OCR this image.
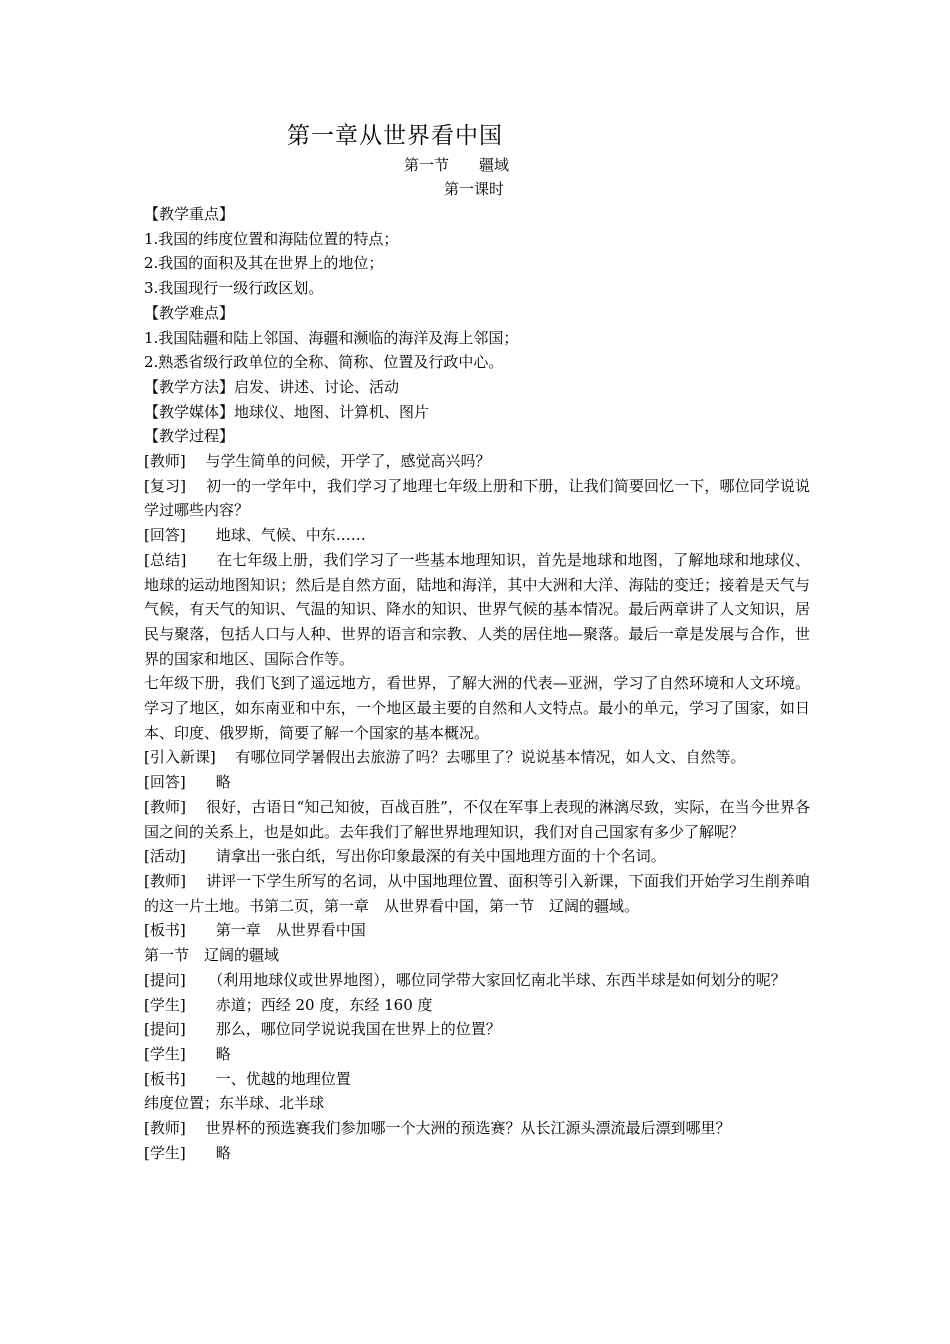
第一章从世界看中国
第一节 疆域
第一课时

【教学重点】

1.我国的纬度位置和海陆位置的特点；

2.我国的面积及其在世界上的地位；

3.我国现行一级行政区划。

【教学难点】

1.我国陆疆和陆上邻国、海疆和濒临的海洋及海上邻国；

2.熟悉省级行政单位的全称、简称、位置及行政中心。

【教学方法】启发、讲述、讨论、活动

【教学媒体】地球仪、地图、计算机、图片

【教学过程】

[教师]　 与学生简单的问候，开学了，感觉高兴吗？

[复习]　 初一的一学年中，我们学习了地理七年级上册和下册，让我们简要回忆一下，哪位同学说说学过哪些内容？

[回答]　　 地球、气候、中东……

[总结]　　 在七年级上册，我们学习了一些基本地理知识，首先是地球和地图，了解地球和地球仪、地球的运动地图知识；然后是自然方面，陆地和海洋，其中大洲和大洋、海陆的变迁；接着是天气与气候，有天气的知识、气温的知识、降水的知识、世界气候的基本情况。最后两章讲了人文知识，居民与聚落，包括人口与人种、世界的语言和宗教、人类的居住地—聚落。最后一章是发展与合作，世界的国家和地区、国际合作等。

七年级下册，我们飞到了遥远地方，看世界，了解大洲的代表—亚洲，学习了自然环境和人文环境。学习了地区，如东南亚和中东，一个地区最主要的自然和人文特点。最小的单元，学习了国家，如日本、印度、俄罗斯，简要了解一个国家的基本概况。

[引入新课]　 有哪位同学暑假出去旅游了吗？去哪里了？说说基本情况，如人文、自然等。

[回答]　　 略

[教师]　 很好，古语日“知己知彼，百战百胜”，不仅在军事上表现的淋漓尽致，实际，在当今世界各国之间的关系上，也是如此。去年我们了解世界地理知识，我们对自己国家有多少了解呢？

[活动]　　 请拿出一张白纸，写出你印象最深的有关中国地理方面的十个名词。

[教师]　 讲评一下学生所写的名词，从中国地理位置、面积等引入新课，下面我们开始学习生削养咱的这一片土地。书第二页，第一章　从世界看中国，第一节　辽阔的疆域。

[板书]　　 第一章　从世界看中国

第一节　辽阔的疆域

[提问]　　 （利用地球仪或世界地图），哪位同学带大家回忆南北半球、东西半球是如何划分的呢？

[学生]　　 赤道；西经 20 度，东经 160 度

[提问]　　 那么，哪位同学说说我国在世界上的位置？

[学生]　　 略

[板书]　　 一、优越的地理位置

纬度位置；东半球、北半球

[教师]　 世界杯的预选赛我们参加哪一个大洲的预选赛？从长江源头漂流最后漂到哪里？

[学生]　　 略
